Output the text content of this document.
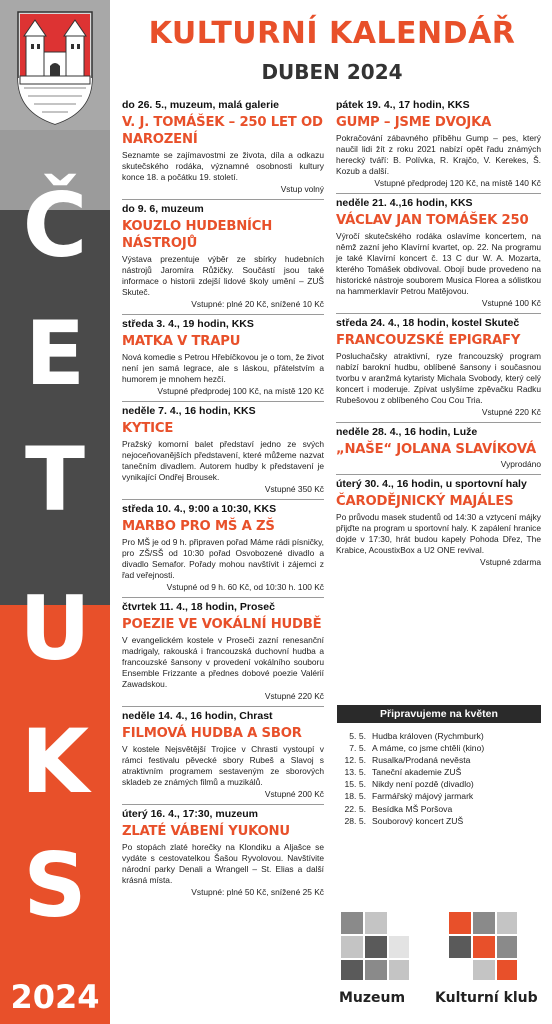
Č
E
T
U
K
S
2024
KULTURNÍ KALENDÁŘ
DUBEN 2024
do 26. 5., muzeum, malá galerie
V. J. TOMÁŠEK – 250 LET OD NAROZENÍ
Seznamte se zajímavostmi ze života, díla a odkazu skutečského rodáka, významné osobnosti kultury konce 18. a počátku 19. století.
Vstup volný
do 9. 6, muzeum
KOUZLO HUDEBNÍCH NÁSTROJŮ
Výstava prezentuje výběr ze sbírky hudebních nástrojů Jaromíra Růžičky. Součástí jsou také informace o historii zdejší lidové školy umění – ZUŠ Skuteč.
Vstupné: plné 20 Kč, snížené 10 Kč
středa 3. 4., 19 hodin, KKS
MATKA V TRAPU
Nová komedie s Petrou Hřebíčkovou je o tom, že život není jen samá legrace, ale s láskou, přátelstvím a humorem je mnohem hezčí.
Vstupné předprodej 100 Kč, na místě 120 Kč
neděle 7. 4., 16 hodin, KKS
KYTICE
Pražský komorní balet představí jedno ze svých nejoceňovanějších představení, které můžeme nazvat tanečním divadlem. Autorem hudby k představení je vynikající Ondřej Brousek.
Vstupné 350 Kč
středa 10. 4., 9:00 a 10:30, KKS
MARBO PRO MŠ A ZŠ
Pro MŠ je od 9 h. připraven pořad Máme rádi písničky, pro ZŠ/SŠ od 10:30 pořad Osvobozené divadlo a divadlo Semafor. Pořady mohou navštívit i zájemci z řad veřejnosti.
Vstupné od 9 h. 60 Kč, od 10:30 h. 100 Kč
čtvrtek 11. 4., 18 hodin, Proseč
POEZIE VE VOKÁLNÍ HUDBĚ
V evangelickém kostele v Proseči zazní renesanční madrigaly, rakouská i francouzská duchovní hudba a francouzské šansony v provedení vokálního souboru Ensemble Frizzante a přednes dobové poezie Valérií Zawadskou.
Vstupné 220 Kč
neděle 14. 4., 16 hodin, Chrast
FILMOVÁ HUDBA A SBOR
V kostele Nejsvětější Trojice v Chrasti vystoupí v rámci festivalu pěvecké sbory Rubeš a Slavoj s atraktivním programem sestaveným ze sborových skladeb ze známých filmů a muzikálů.
Vstupné 200 Kč
úterý 16. 4., 17:30, muzeum
ZLATÉ VÁBENÍ YUKONU
Po stopách zlaté horečky na Klondiku a Aljašce se vydáte s cestovatelkou Šašou Ryvolovou. Navštívite národní parky Denali a Wrangell – St. Elias a další krásná místa.
Vstupné: plné 50 Kč, snížené 25 Kč
pátek 19. 4., 17 hodin, KKS
GUMP – JSME DVOJKA
Pokračování zábavného příběhu Gump – pes, který naučil lidi žít z roku 2021 nabízí opět řadu známých herecký tváří: B. Polívka, R. Krajčo, V. Kerekes, Š. Kozub a další.
Vstupné předprodej 120 Kč, na místě 140 Kč
neděle 21. 4.,16 hodin, KKS
VÁCLAV JAN TOMÁŠEK 250
Výročí skutečského rodáka oslavíme koncertem, na němž zazní jeho Klavírní kvartet, op. 22. Na programu je také Klavírní koncert č. 13 C dur W. A. Mozarta, kterého Tomášek obdivoval. Obojí bude provedeno na historické nástroje souborem Musica Florea a sólistkou na hammerklavír Petrou Matějovou.
Vstupné 100 Kč
středa 24. 4., 18 hodin, kostel Skuteč
FRANCOUZSKÉ EPIGRAFY
Posluchačsky atraktivní, ryze francouzský program nabízí barokní hudbu, oblíbené šansony i současnou tvorbu v aranžmá kytaristy Michala Svobody, který celý koncert i moderuje. Zpívat uslyšíme zpěvačku Radku Rubešovou z oblíbeného Cou Cou Tria.
Vstupné 220 Kč
neděle 28. 4., 16 hodin, Luže
„NAŠE“ JOLANA SLAVÍKOVÁ
Vyprodáno
úterý 30. 4., 16 hodin, u sportovní haly
ČARODĚJNICKÝ MAJÁLES
Po průvodu masek studentů od 14:30 a vztycení májky přijďte na program u sportovní haly. K zapálení hranice dojde v 17:30, hrát budou kapely Pohoda Dřez, The Krabice, AcoustixBox a U2 ONE revival.
Vstupné zdarma
Připravujeme na květen
5. 5. Hudba královen (Rychmburk)
7. 5. A máme, co jsme chtěli (kino)
12. 5. Rusalka/Prodaná nevěsta
13. 5. Taneční akademie ZUŠ
15. 5. Nikdy není pozdě (divadlo)
18. 5. Farmářský májový jarmark
22. 5. Besídka MŠ Poršova
28. 5. Souborový koncert ZUŠ
Muzeum Kulturní klub
